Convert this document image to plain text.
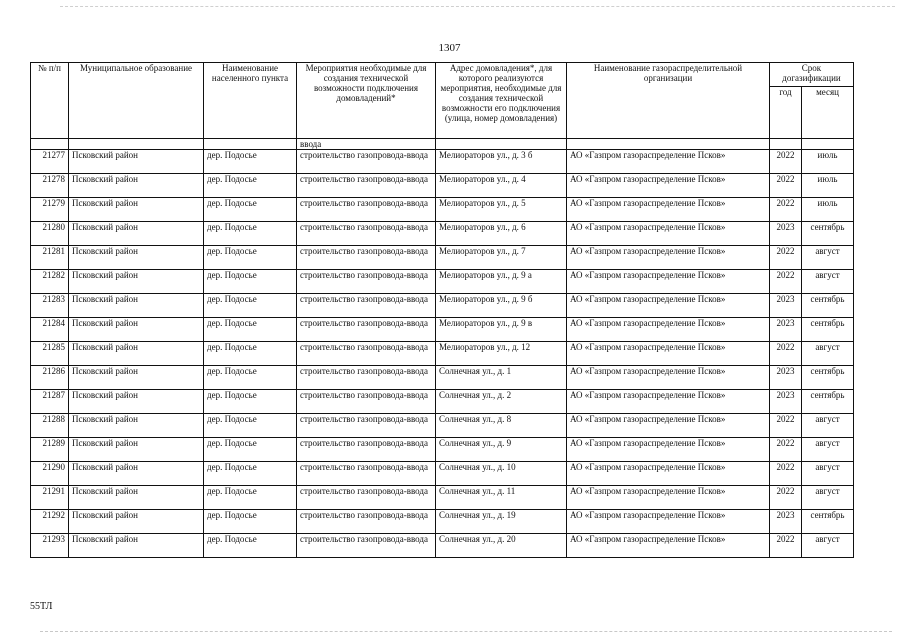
1307
№ п/п	Муниципальное образование	Наименование населенного пункта	Мероприятия необходимые для создания технической возможности подключения домовладений*	Адрес домовладения*, для которого реализуются мероприятия, необходимые для создания технической возможности его подключения (улица, номер домовладения)	Наименование газораспределительной организации	Срок догазификации	
						год	месяц
			ввода				
21277	Псковский район	дер. Подосье	строительство газопровода-ввода	Мелиораторов ул., д. 3 б	АО «Газпром газораспределение Псков»	2022	июль
21278	Псковский район	дер. Подосье	строительство газопровода-ввода	Мелиораторов ул., д. 4	АО «Газпром газораспределение Псков»	2022	июль
21279	Псковский район	дер. Подосье	строительство газопровода-ввода	Мелиораторов ул., д. 5	АО «Газпром газораспределение Псков»	2022	июль
21280	Псковский район	дер. Подосье	строительство газопровода-ввода	Мелиораторов ул., д. 6	АО «Газпром газораспределение Псков»	2023	сентябрь
21281	Псковский район	дер. Подосье	строительство газопровода-ввода	Мелиораторов ул., д. 7	АО «Газпром газораспределение Псков»	2022	август
21282	Псковский район	дер. Подосье	строительство газопровода-ввода	Мелиораторов ул., д. 9 а	АО «Газпром газораспределение Псков»	2022	август
21283	Псковский район	дер. Подосье	строительство газопровода-ввода	Мелиораторов ул., д. 9 б	АО «Газпром газораспределение Псков»	2023	сентябрь
21284	Псковский район	дер. Подосье	строительство газопровода-ввода	Мелиораторов ул., д. 9 в	АО «Газпром газораспределение Псков»	2023	сентябрь
21285	Псковский район	дер. Подосье	строительство газопровода-ввода	Мелиораторов ул., д. 12	АО «Газпром газораспределение Псков»	2022	август
21286	Псковский район	дер. Подосье	строительство газопровода-ввода	Солнечная ул., д. 1	АО «Газпром газораспределение Псков»	2023	сентябрь
21287	Псковский район	дер. Подосье	строительство газопровода-ввода	Солнечная ул., д. 2	АО «Газпром газораспределение Псков»	2023	сентябрь
21288	Псковский район	дер. Подосье	строительство газопровода-ввода	Солнечная ул., д. 8	АО «Газпром газораспределение Псков»	2022	август
21289	Псковский район	дер. Подосье	строительство газопровода-ввода	Солнечная ул., д. 9	АО «Газпром газораспределение Псков»	2022	август
21290	Псковский район	дер. Подосье	строительство газопровода-ввода	Солнечная ул., д. 10	АО «Газпром газораспределение Псков»	2022	август
21291	Псковский район	дер. Подосье	строительство газопровода-ввода	Солнечная ул., д. 11	АО «Газпром газораспределение Псков»	2022	август
21292	Псковский район	дер. Подосье	строительство газопровода-ввода	Солнечная ул., д. 19	АО «Газпром газораспределение Псков»	2023	сентябрь
21293	Псковский район	дер. Подосье	строительство газопровода-ввода	Солнечная ул., д. 20	АО «Газпром газораспределение Псков»	2022	август
55ТЛ
